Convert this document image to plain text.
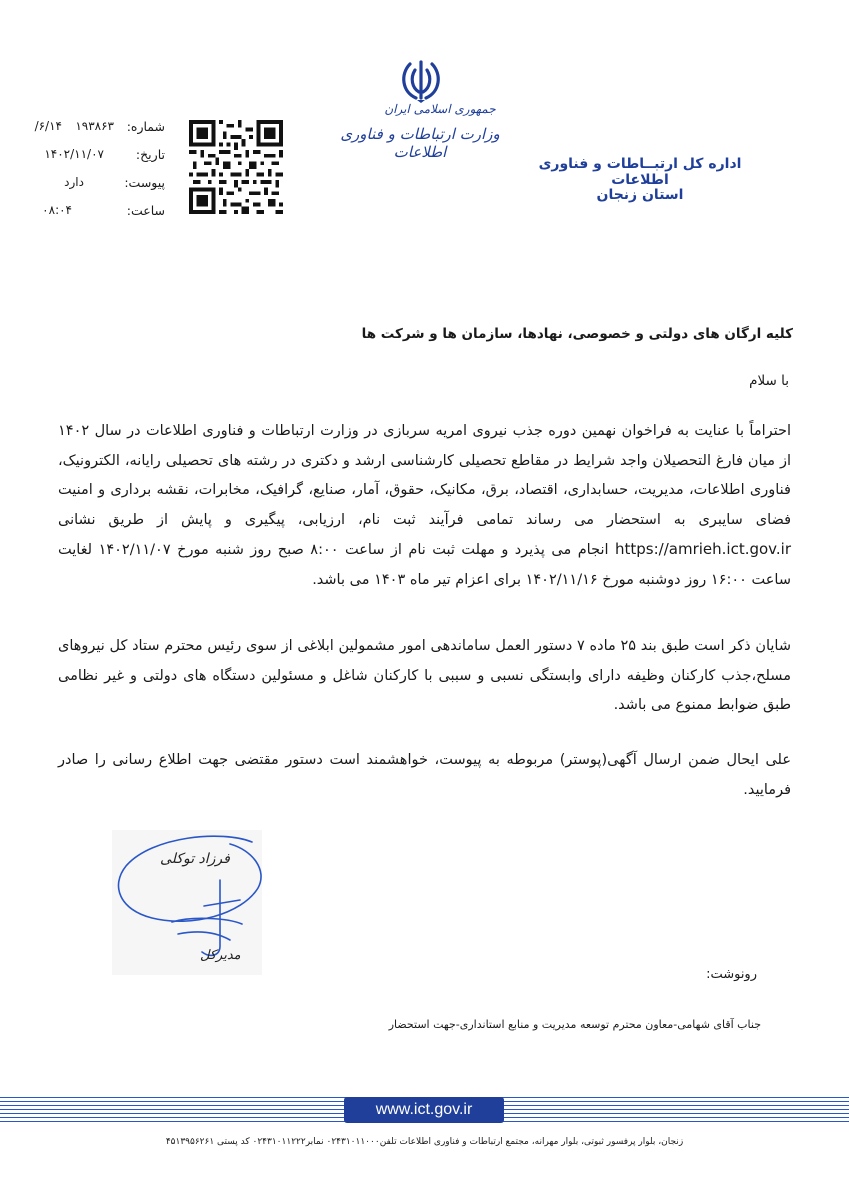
جمهوری اسلامی ایران
وزارت ارتباطات و فناوری اطلاعات
اداره کل ارتبــاطات و فناوری اطلاعات
استان زنجان
شماره:
۱۹۳۸۶۳
۶/۱۴/
تاریخ:
۱۴۰۲/۱۱/۰۷
پیوست:
دارد
ساعت:
۰۸:۰۴
کلیه ارگان های دولتی و خصوصی، نهادها، سازمان ها و شرکت ها
با سلام
احتراماً با عنایت به فراخوان نهمین دوره جذب نیروی امریه سربازی در وزارت ارتباطات و فناوری اطلاعات در سال ۱۴۰۲ از میان فارغ التحصیلان واجد شرایط در مقاطع تحصیلی کارشناسی ارشد و دکتری در رشته های تحصیلی رایانه، الکترونیک، فناوری اطلاعات، مدیریت، حسابداری، اقتصاد، برق، مکانیک، حقوق، آمار، صنایع، گرافیک، مخابرات، نقشه برداری و امنیت فضای سایبری به استحضار می رساند تمامی فرآیند ثبت نام، ارزیابی، پیگیری و پایش از طریق نشانی https://amrieh.ict.gov.ir انجام می پذیرد و مهلت ثبت نام از ساعت ۸:۰۰ صبح روز شنبه مورخ ۱۴۰۲/۱۱/۰۷ لغایت ساعت ۱۶:۰۰ روز دوشنبه مورخ ۱۴۰۲/۱۱/۱۶ برای اعزام تیر ماه ۱۴۰۳ می باشد.
شایان ذکر است طبق بند ۲۵ ماده ۷ دستور العمل ساماندهی امور مشمولین ابلاغی از سوی رئیس محترم ستاد کل نیروهای مسلح،جذب کارکنان وظیفه دارای وابستگی نسبی و سببی با کارکنان شاغل و مسئولین دستگاه های دولتی و غیر نظامی طبق ضوابط ممنوع می باشد.
علی ایحال ضمن ارسال آگهی(پوستر) مربوطه به پیوست، خواهشمند است دستور مقتضی جهت اطلاع رسانی را صادر فرمایید.
فرزاد توکلی
مدیرکل
رونوشت:
جناب آقای شهامی-معاون محترم توسعه مدیریت و منابع استانداری-جهت استحضار
www.ict.gov.ir
زنجان، بلوار پرفسور ثبوتی، بلوار مهرانه، مجتمع ارتباطات و فناوری اطلاعات تلفن۰۲۴۳۱۰۱۱۰۰۰ نمابر۰۲۴۳۱۰۱۱۲۲۲ کد پستی ۴۵۱۳۹۵۶۲۶۱
